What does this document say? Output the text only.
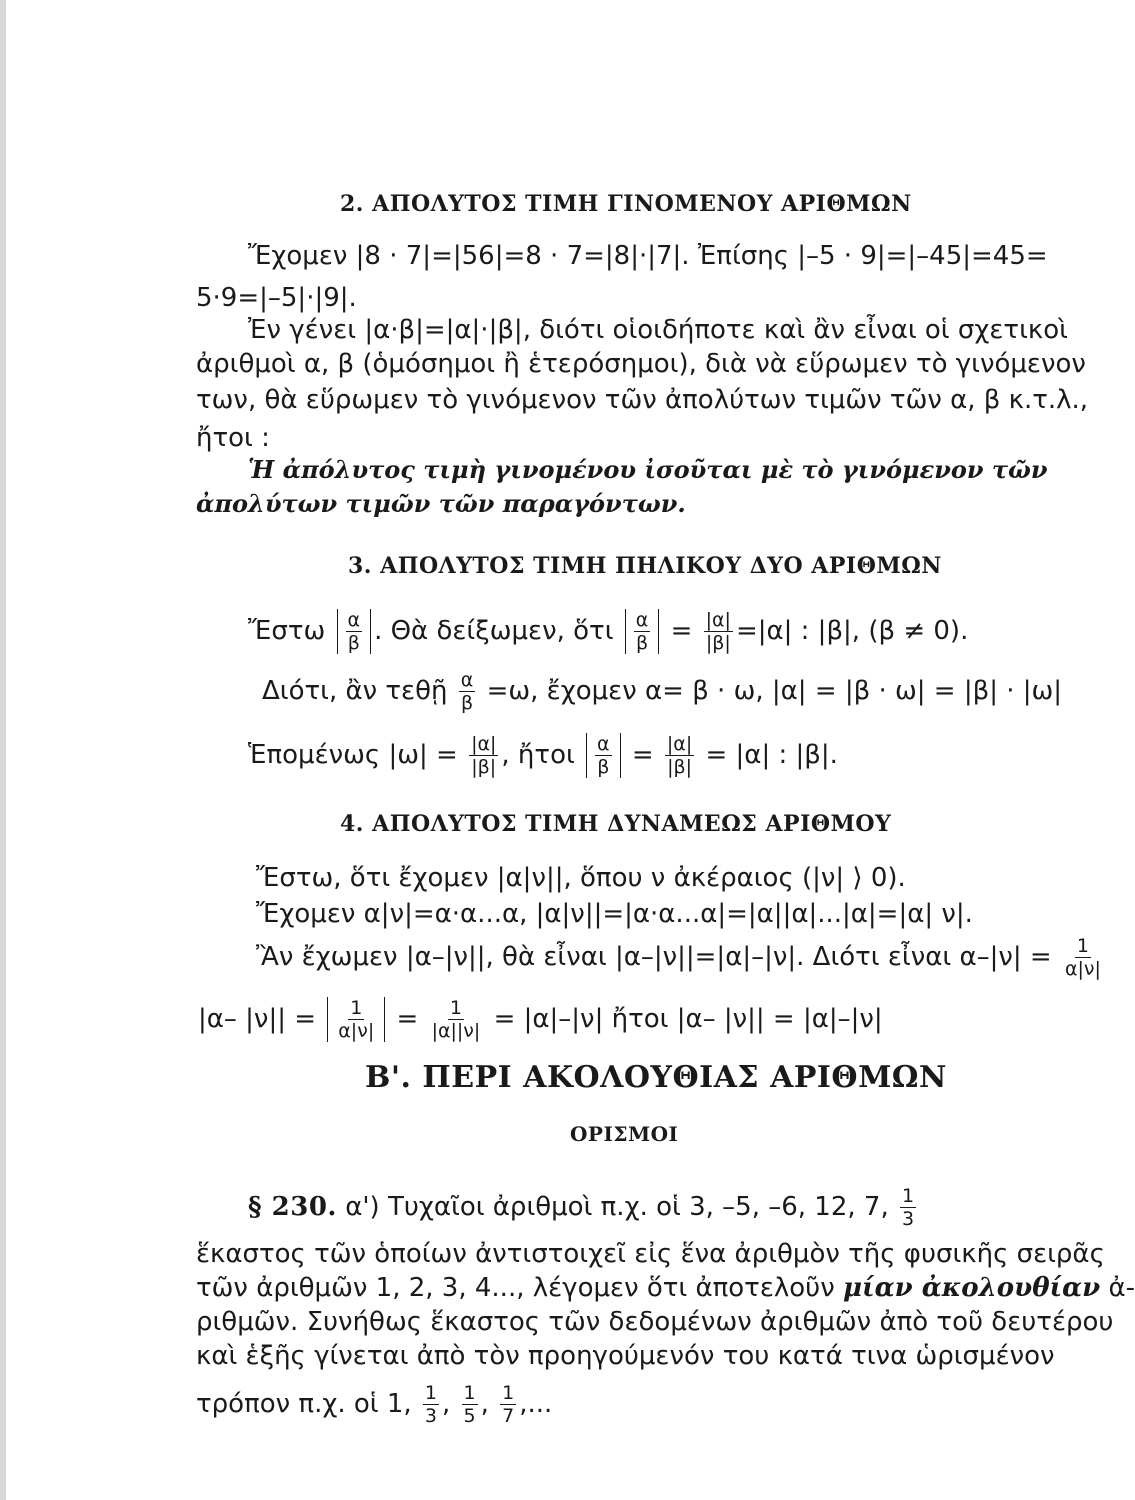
2. ΑΠΟΛΥΤΟΣ ΤΙΜΗ ΓΙΝΟΜΕΝΟΥ ΑΡΙΘΜΩΝ
Ἔχομεν |8 · 7|=|56|=8 · 7=|8|·|7|. Ἐπίσης |–5 · 9|=|–45|=45=
5·9=|–5|·|9|.
Ἐν γένει |α·β|=|α|·|β|, διότι οἱοιδήποτε καὶ ἂν εἶναι οἱ σχετικοὶ
ἀριθμοὶ α, β (ὁμόσημοι ἢ ἑτερόσημοι), διὰ νὰ εὕρωμεν τὸ γινόμενον
των, θὰ εὕρωμεν τὸ γινόμενον τῶν ἀπολύτων τιμῶν τῶν α, β κ.τ.λ.,
ἤτοι :
Ἡ ἀπόλυτος τιμὴ γινομένου ἰσοῦται μὲ τὸ γινόμενον τῶν
ἀπολύτων τιμῶν τῶν παραγόντων.
3. ΑΠΟΛΥΤΟΣ ΤΙΜΗ ΠΗΛΙΚΟΥ ΔΥΟ ΑΡΙΘΜΩΝ
Ἔστω $\frac{\alpha}{\beta}$ . Θὰ δείξωμεν, ὅτι $\frac{\alpha}{\beta} = \frac{|\alpha|}{|\beta|} =|\alpha|$ : |β|, (β ≠ 0).
Διότι, ἂν τεθῇ $\frac{\alpha}{\beta} =\omega$, ἔχομεν α= β · ω, |α| = |β · ω| = |β| · |ω|
Ἑπομένως $|\omega| = \frac{|\alpha|}{|\beta|}$ , ἤτοι $\frac{\alpha}{\beta} = \frac{|\alpha|}{|\beta|} = |\alpha|$ : |β|.
4. ΑΠΟΛΥΤΟΣ ΤΙΜΗ ΔΥΝΑΜΕΩΣ ΑΡΙΘΜΟΥ
Ἔστω, ὅτι ἔχομεν |α|ν||, ὅπου ν ἀκέραιος (|ν| ⟩ 0).
Ἔχομεν α|ν|=α·α...α, |α|ν||=|α·α...α|=|α||α|...|α|=|α| ν|.
Ἂν ἔχωμεν |α–|ν||, θὰ εἶναι |α–|ν||=|α|–|ν|. Διότι εἶναι $\alpha-|\nu| = \frac{1}{\alpha|\nu|}$
|α– $|\nu|| = \frac{1}{\alpha|\nu|} = \frac{1}{|\alpha||\nu|} = |\alpha|-|\nu|$ ἤτοι |α– |ν|| = |α|–|ν|
Β'. ΠΕΡΙ ΑΚΟΛΟΥΘΙΑΣ ΑΡΙΘΜΩΝ
ΟΡΙΣΜΟΙ
§ 230. α') Τυχαῖοι ἀριθμοὶ π.χ. οἱ 3, –5, –6, 12, 7, $\frac{1}{3}$
ἕκαστος τῶν ὁποίων ἀντιστοιχεῖ εἰς ἕνα ἀριθμὸν τῆς φυσικῆς σειρᾶς
τῶν ἀριθμῶν 1, 2, 3, 4..., λέγομεν ὅτι ἀποτελοῦν μίαν ἀκολουθίαν ἀ-
ριθμῶν. Συνήθως ἕκαστος τῶν δεδομένων ἀριθμῶν ἀπὸ τοῦ δευτέρου
καὶ ἑξῆς γίνεται ἀπὸ τὸν προηγούμενόν του κατά τινα ὡρισμένον
τρόπον π.χ. οἱ 1, $\frac{1}{3}$ , $\frac{1}{5}$ , $\frac{1}{7}$ ,...
